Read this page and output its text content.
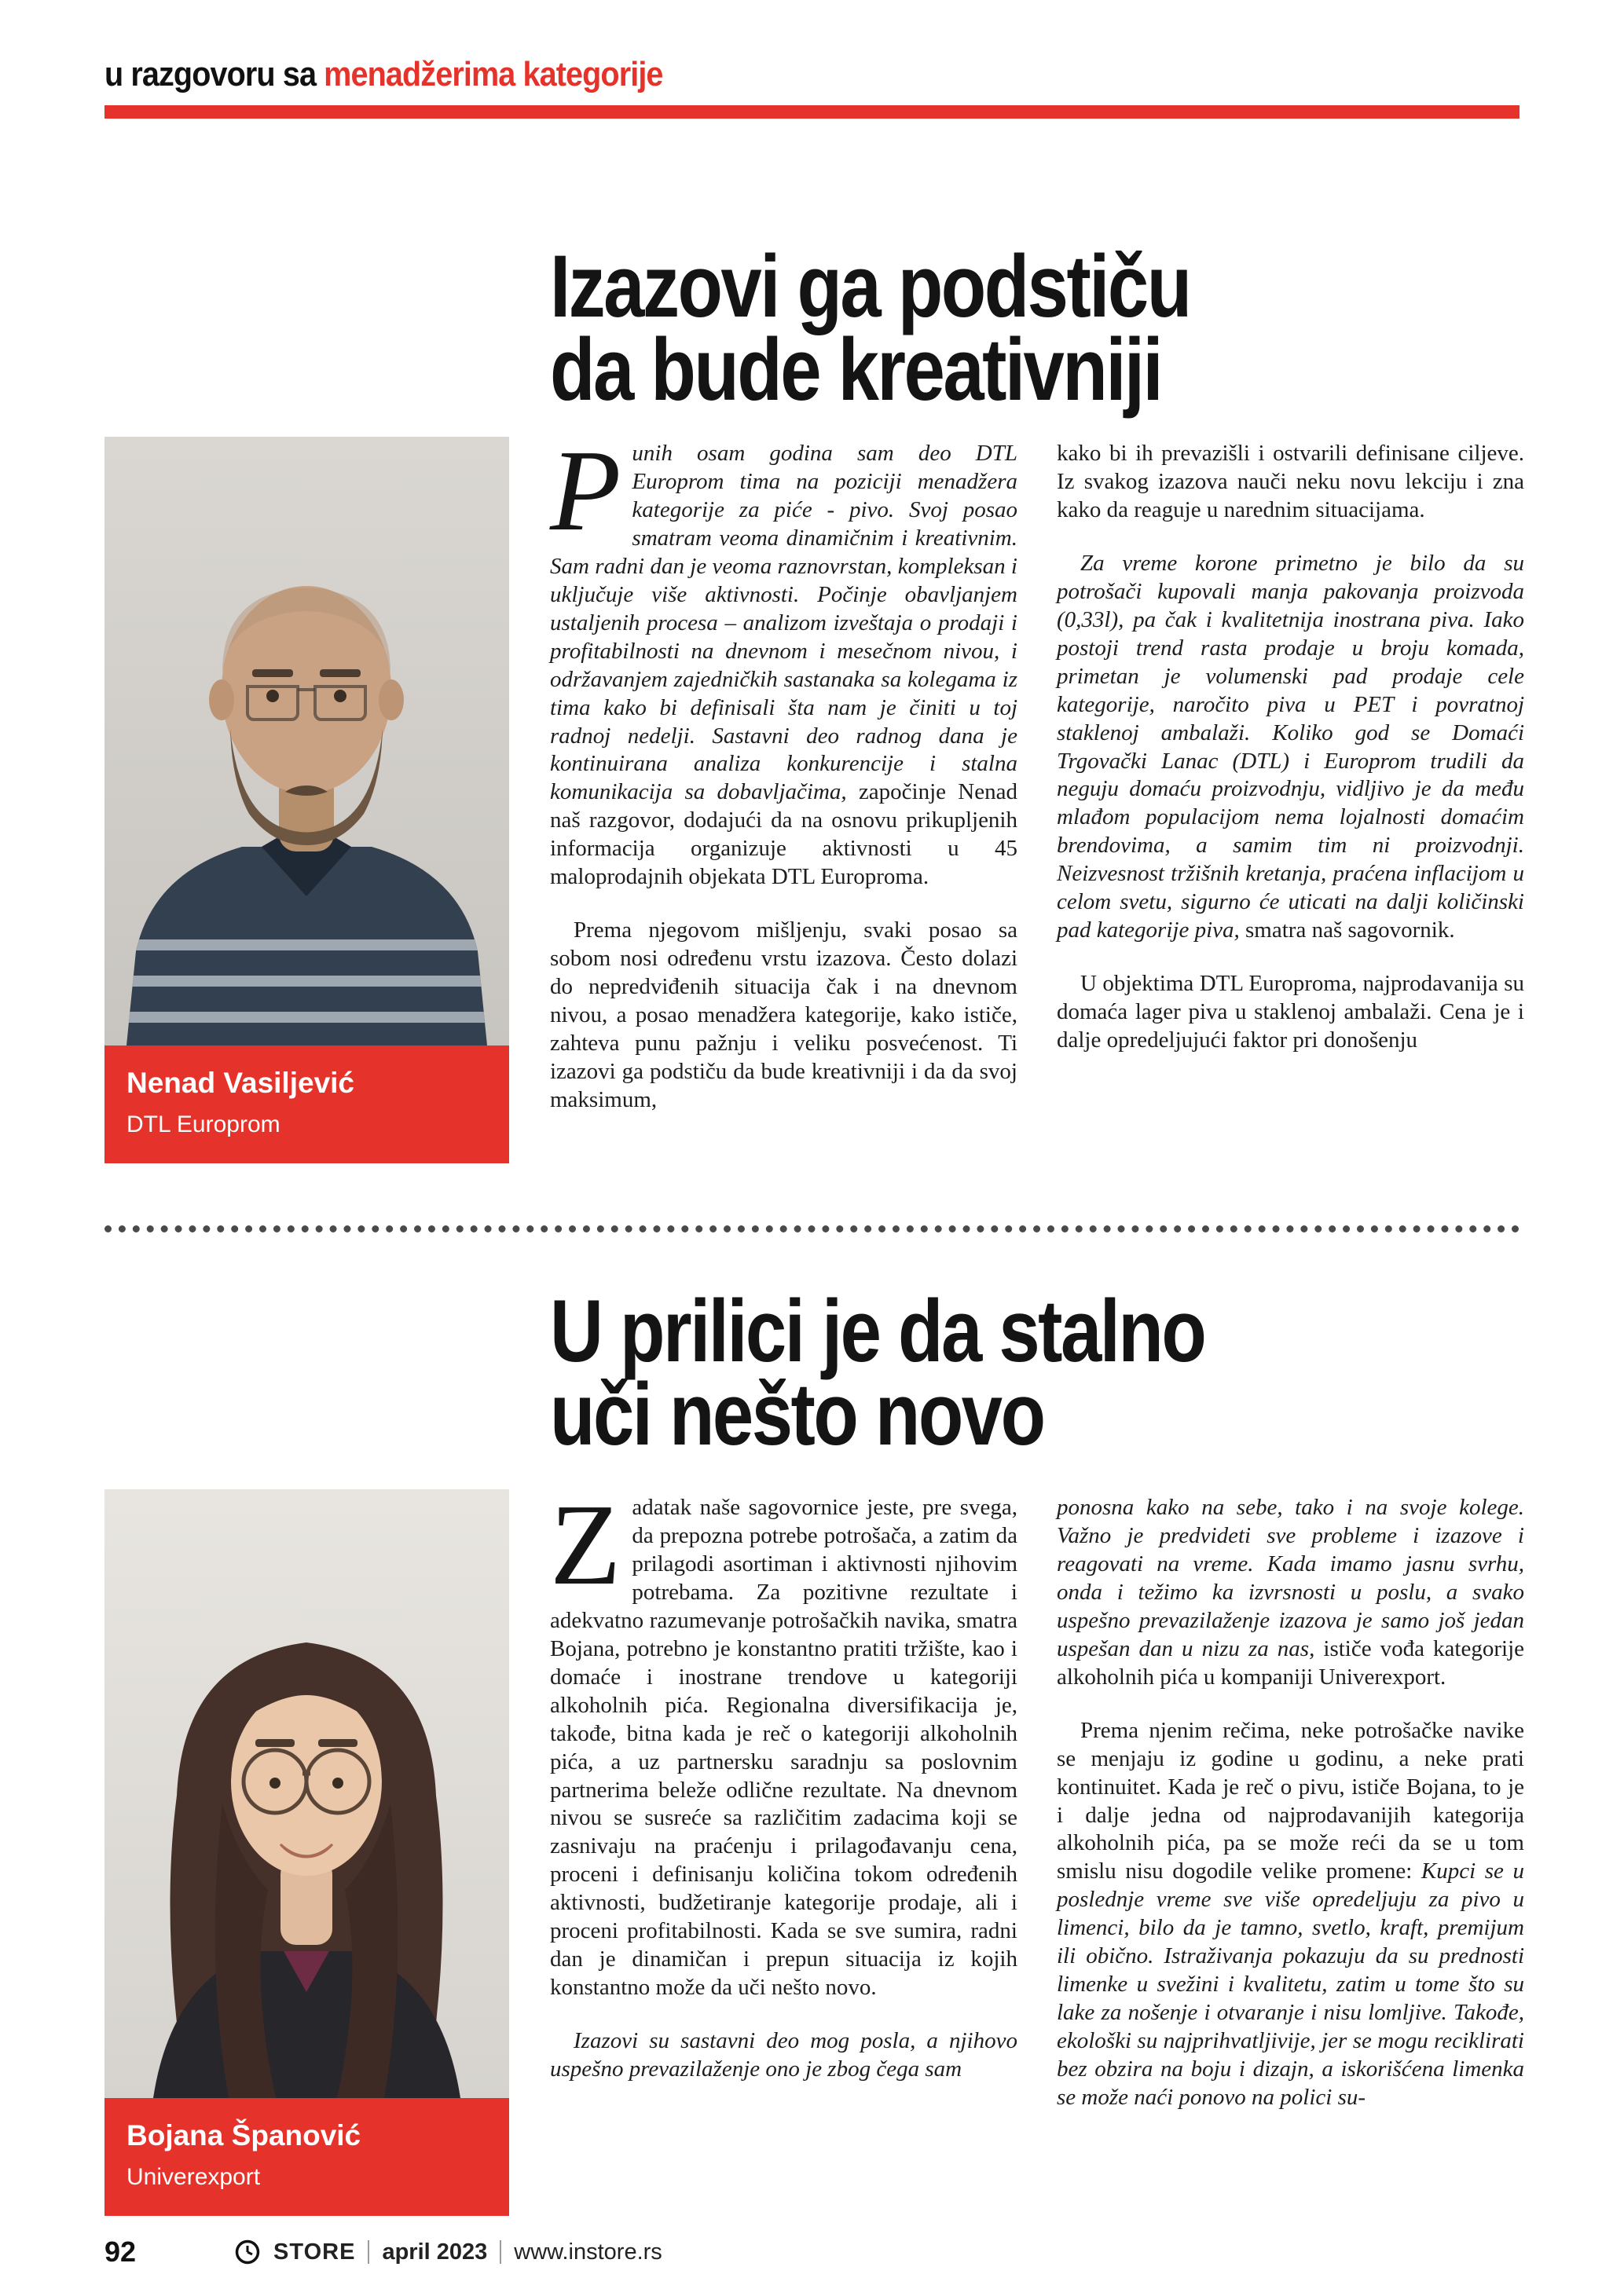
u razgovoru sa menadžerima kategorije
Izazovi ga podstiču
da bude kreativniji
Nenad Vasiljević
DTL Europrom

Punih osam godina sam deo DTL Europrom tima na poziciji menadžera kategorije za piće - pivo. Svoj posao smatram veoma dinamičnim i kreativnim. Sam radni dan je veoma raznovrstan, kompleksan i uključuje više aktivnosti. Počinje obavljanjem ustaljenih procesa – analizom izveštaja o prodaji i profitabilnosti na dnevnom i mesečnom nivou, i održavanjem zajedničkih sastanaka sa kolegama iz tima kako bi definisali šta nam je činiti u toj radnoj nedelji. Sastavni deo radnog dana je kontinuirana analiza konkurencije i stalna komunikacija sa dobavljačima, započinje Nenad naš razgovor, dodajući da na osnovu prikupljenih informacija organizuje aktivnosti u 45 maloprodajnih objekata DTL Europroma.

Prema njegovom mišljenju, svaki posao sa sobom nosi određenu vrstu izazova. Često dolazi do nepredviđenih situacija čak i na dnevnom nivou, a posao menadžera kategorije, kako ističe, zahteva punu pažnju i veliku posvećenost. Ti izazovi ga podstiču da bude kreativniji i da da svoj maksimum,

kako bi ih prevazišli i ostvarili definisane ciljeve. Iz svakog izazova nauči neku novu lekciju i zna kako da reaguje u narednim situacijama.

Za vreme korone primetno je bilo da su potrošači kupovali manja pakovanja proizvoda (0,33l), pa čak i kvalitetnija inostrana piva. Iako postoji trend rasta prodaje u broju komada, primetan je volumenski pad prodaje cele kategorije, naročito piva u PET i povratnoj staklenoj ambalaži. Koliko god se Domaći Trgovački Lanac (DTL) i Europrom trudili da neguju domaću proizvodnju, vidljivo je da među mlađom populacijom nema lojalnosti domaćim brendovima, a samim tim ni proizvodnji. Neizvesnost tržišnih kretanja, praćena inflacijom u celom svetu, sigurno će uticati na dalji količinski pad kategorije piva, smatra naš sagovornik.

U objektima DTL Europroma, najprodavanija su domaća lager piva u staklenoj ambalaži. Cena je i dalje opredeljujući faktor pri donošenju

U prilici je da stalno
uči nešto novo
Bojana Španović
Univerexport

Zadatak naše sagovornice jeste, pre svega, da prepozna potrebe potrošača, a zatim da prilagodi asortiman i aktivnosti njihovim potrebama. Za pozitivne rezultate i adekvatno razumevanje potrošačkih navika, smatra Bojana, potrebno je konstantno pratiti tržište, kao i domaće i inostrane trendove u kategoriji alkoholnih pića. Regionalna diversifikacija je, takođe, bitna kada je reč o kategoriji alkoholnih pića, a uz partnersku saradnju sa poslovnim partnerima beleže odlične rezultate. Na dnevnom nivou se susreće sa različitim zadacima koji se zasnivaju na praćenju i prilagođavanju cena, proceni i definisanju količina tokom određenih aktivnosti, budžetiranje kategorije prodaje, ali i proceni profitabilnosti. Kada se sve sumira, radni dan je dinamičan i prepun situacija iz kojih konstantno može da uči nešto novo.

Izazovi su sastavni deo mog posla, a njihovo uspešno prevazilaženje ono je zbog čega sam

ponosna kako na sebe, tako i na svoje kolege. Važno je predvideti sve probleme i izazove i reagovati na vreme. Kada imamo jasnu svrhu, onda i težimo ka izvrsnosti u poslu, a svako uspešno prevazilaženje izazova je samo još jedan uspešan dan u nizu za nas, ističe vođa kategorije alkoholnih pića u kompaniji Univerexport.

Prema njenim rečima, neke potrošačke navike se menjaju iz godine u godinu, a neke prati kontinuitet. Kada je reč o pivu, ističe Bojana, to je i dalje jedna od najprodavanijih kategorija alkoholnih pića, pa se može reći da se u tom smislu nisu dogodile velike promene: Kupci se u poslednje vreme sve više opredeljuju za pivo u limenci, bilo da je tamno, svetlo, kraft, premijum ili obično. Istraživanja pokazuju da su prednosti limenke u svežini i kvalitetu, zatim u tome što su lake za nošenje i otvaranje i nisu lomljive. Takođe, ekološki su najprihvatljivije, jer se mogu reciklirati bez obzira na boju i dizajn, a iskorišćena limenka se može naći ponovo na polici su-

92	STORE april 2023 www.instore.rs
